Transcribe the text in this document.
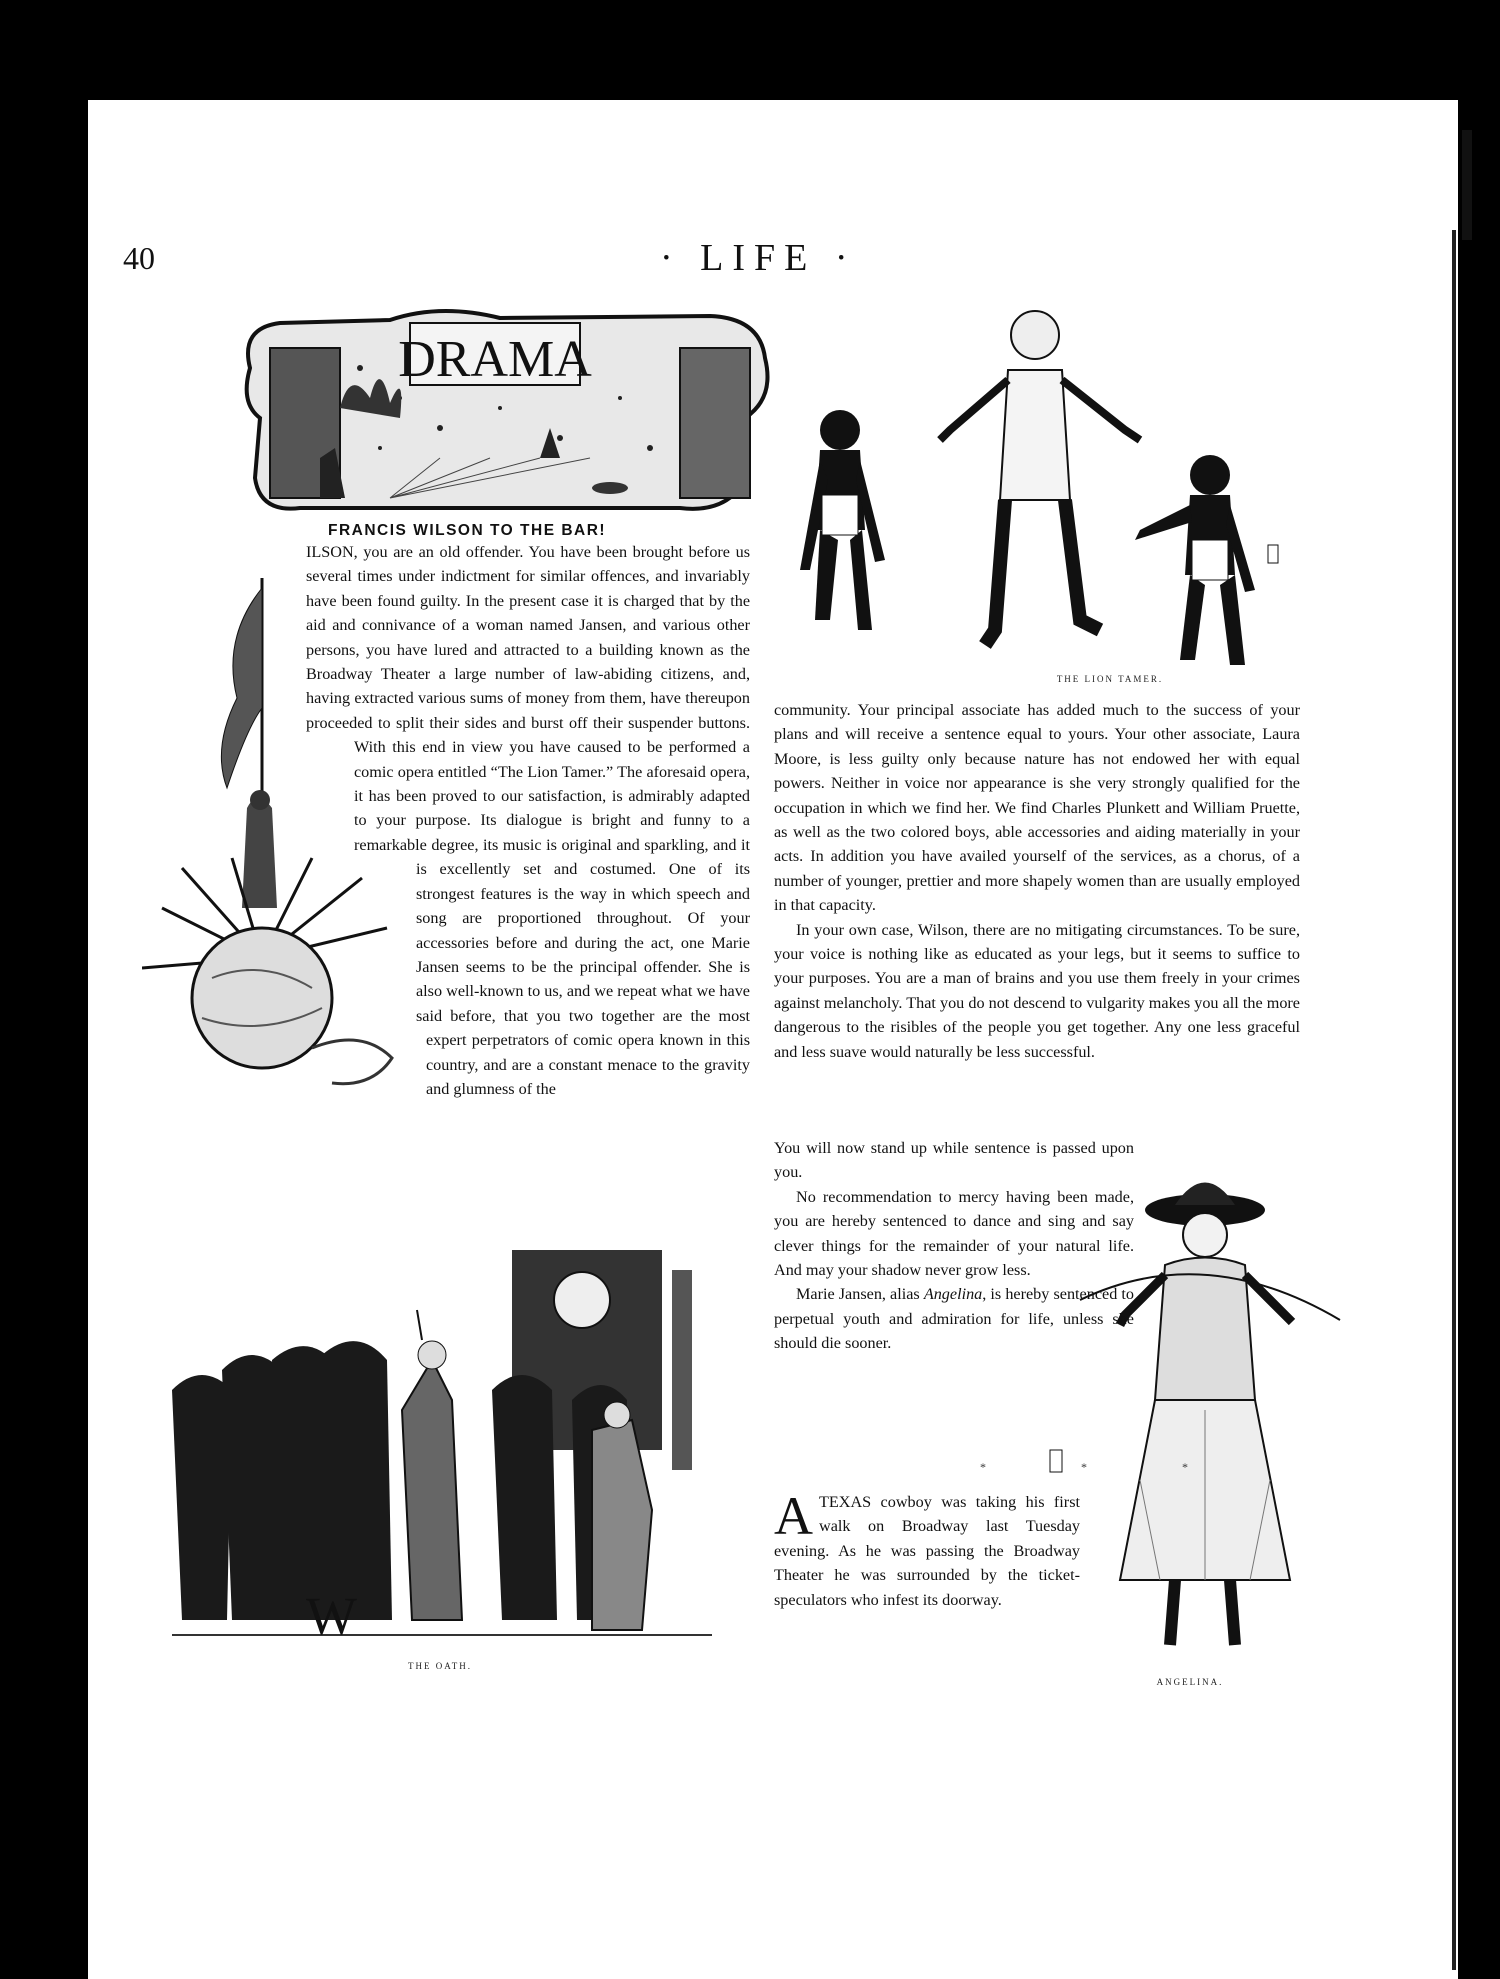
40	· LIFE ·
DRAMA
FRANCIS WILSON TO THE BAR!
THE LION TAMER.
THE OATH.
ANGELINA.

W
ILSON, you are an old offender. You have been brought before us several times under indictment for similar offences, and invariably have been found guilty. In the present case it is charged that by the aid and connivance of a woman named Jansen, and various other persons, you have lured and attracted to a building known as the Broadway Theater a large number of law-abiding citizens, and, having extracted various sums of money from them, have thereupon proceeded to split their sides and burst off their suspender buttons. With this end in view you have caused to be performed a comic opera entitled “The Lion Tamer.” The aforesaid opera, it has been proved to our satisfaction, is admirably adapted to your purpose. Its dialogue is bright and funny to a remarkable degree, its music is original and sparkling, and it is excellently set and costumed. One of its strongest features is the way in which speech and song are proportioned throughout. Of your accessories before and during the act, one Marie Jansen seems to be the principal offender. She is also well-known to us, and we repeat what we have said before, that you two together are the most expert perpetrators of comic opera known in this country, and are a constant menace to the gravity and glumness of the

community. Your principal associate has added much to the success of your plans and will receive a sentence equal to yours. Your other associate, Laura Moore, is less guilty only because nature has not endowed her with equal powers. Neither in voice nor appearance is she very strongly qualified for the occupation in which we find her. We find Charles Plunkett and William Pruette, as well as the two colored boys, able accessories and aiding materially in your acts. In addition you have availed yourself of the services, as a chorus, of a number of younger, prettier and more shapely women than are usually employed in that capacity.

In your own case, Wilson, there are no mitigating circumstances. To be sure, your voice is nothing like as educated as your legs, but it seems to suffice to your purposes. You are a man of brains and you use them freely in your crimes against melancholy. That you do not descend to vulgarity makes you all the more dangerous to the risibles of the people you get together. Any one less graceful and less suave would naturally be less successful.

You will now stand up while sentence is passed upon you.

No recommendation to mercy having been made, you are hereby sentenced to dance and sing and say clever things for the remainder of your natural life. And may your shadow never grow less.

Marie Jansen, alias Angelina, is hereby sentenced to perpetual youth and admiration for life, unless she should die sooner.

* * *

ATEXAS cowboy was taking his first walk on Broadway last Tuesday evening. As he was passing the Broadway Theater he was surrounded by the ticket-speculators who infest its doorway.

comicbooks.com
